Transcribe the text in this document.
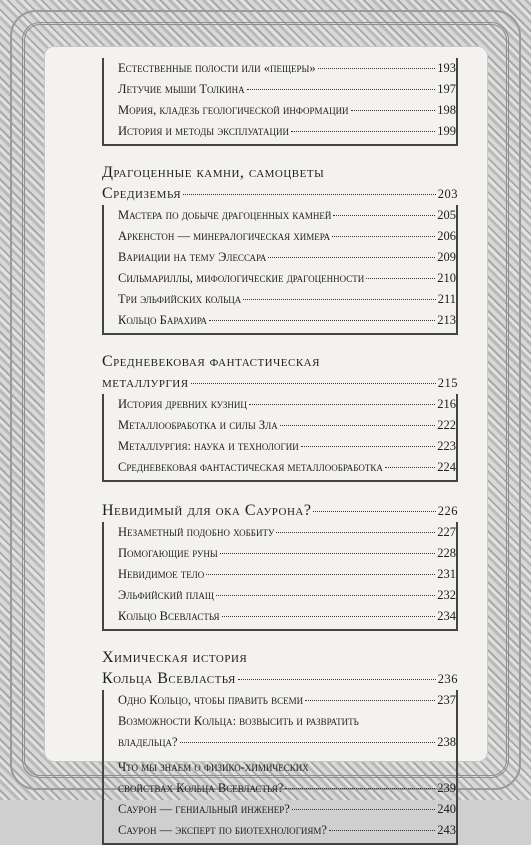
Естественные полости или «пещеры»	193
Летучие мыши Толкина	197
Мория, кладезь геологической информации	198
История и методы эксплуатации	199
Драгоценные камни, самоцветы
Средиземья	203
Мастера по добыче драгоценных камней	205
Аркенстон — минералогическая химера	206
Вариации на тему Элессара	209
Сильмариллы, мифологические драгоценности	210
Три эльфийских кольца	211
Кольцо Барахира	213
Средневековая фантастическая
металлургия	215
История древних кузниц	216
Металлообработка и силы Зла	222
Металлургия: наука и технологии	223
Средневековая фантастическая металлообработка	224
Невидимый для ока Саурона?	226
Незаметный подобно хоббиту	227
Помогающие руны	228
Невидимое тело	231
Эльфийский плащ	232
Кольцо Всевластья	234
Химическая история
Кольца Всевластья	236
Одно Кольцо, чтобы править всеми	237
Возможности Кольца: возвысить и развратить
владельца?	238
Что мы знаем о физико-химических
свойствах Кольца Всевластья?	239
Саурон — гениальный инженер?	240
Саурон — эксперт по биотехнологиям?	243
